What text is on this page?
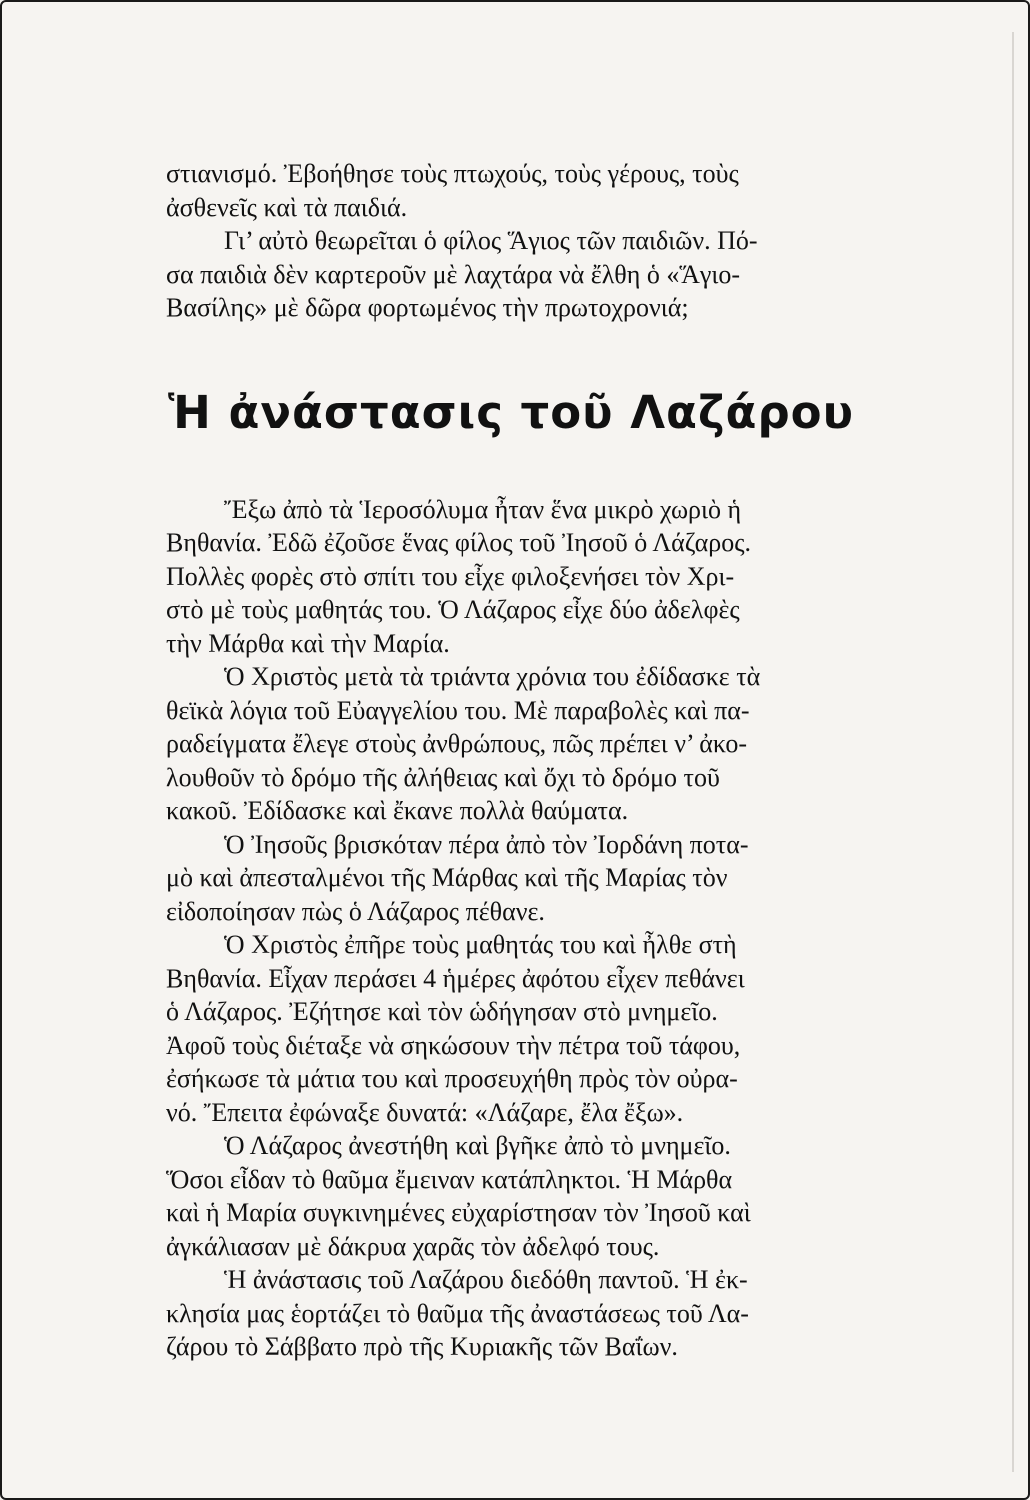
στιανισμό. Ἐβοήθησε τοὺς πτωχούς, τοὺς γέρους, τοὺς
ἀσθενεῖς καὶ τὰ παιδιά.

Γι’ αὐτὸ θεωρεῖται ὁ φίλος Ἅγιος τῶν παιδιῶν. Πό-
σα παιδιὰ δὲν καρτεροῦν μὲ λαχτάρα νὰ ἔλθη ὁ «Ἅγιο-
Βασίλης» μὲ δῶρα φορτωμένος τὴν πρωτοχρονιά;

Ἡ ἀνάστασις τοῦ Λαζάρου

Ἔξω ἀπὸ τὰ Ἱεροσόλυμα ἦταν ἕνα μικρὸ χωριὸ ἡ
Βηθανία. Ἐδῶ ἐζοῦσε ἕνας φίλος τοῦ Ἰησοῦ ὁ Λάζαρος.
Πολλὲς φορὲς στὸ σπίτι του εἶχε φιλοξενήσει τὸν Χρι-
στὸ μὲ τοὺς μαθητάς του. Ὁ Λάζαρος εἶχε δύο ἀδελφὲς
τὴν Μάρθα καὶ τὴν Μαρία.

Ὁ Χριστὸς μετὰ τὰ τριάντα χρόνια του ἐδίδασκε τὰ
θεϊκὰ λόγια τοῦ Εὐαγγελίου του. Μὲ παραβολὲς καὶ πα-
ραδείγματα ἔλεγε στοὺς ἀνθρώπους, πῶς πρέπει ν’ ἀκο-
λουθοῦν τὸ δρόμο τῆς ἀλήθειας καὶ ὄχι τὸ δρόμο τοῦ
κακοῦ. Ἐδίδασκε καὶ ἔκανε πολλὰ θαύματα.

Ὁ Ἰησοῦς βρισκόταν πέρα ἀπὸ τὸν Ἰορδάνη ποτα-
μὸ καὶ ἀπεσταλμένοι τῆς Μάρθας καὶ τῆς Μαρίας τὸν
εἰδοποίησαν πὼς ὁ Λάζαρος πέθανε.

Ὁ Χριστὸς ἐπῆρε τοὺς μαθητάς του καὶ ἦλθε στὴ
Βηθανία. Εἶχαν περάσει 4 ἡμέρες ἀφότου εἶχεν πεθάνει
ὁ Λάζαρος. Ἐζήτησε καὶ τὸν ὡδήγησαν στὸ μνημεῖο.
Ἀφοῦ τοὺς διέταξε νὰ σηκώσουν τὴν πέτρα τοῦ τάφου,
ἐσήκωσε τὰ μάτια του καὶ προσευχήθη πρὸς τὸν οὐρα-
νό. Ἔπειτα ἐφώναξε δυνατά: «Λάζαρε, ἔλα ἔξω».

Ὁ Λάζαρος ἀνεστήθη καὶ βγῆκε ἀπὸ τὸ μνημεῖο.
Ὅσοι εἶδαν τὸ θαῦμα ἔμειναν κατάπληκτοι. Ἡ Μάρθα
καὶ ἡ Μαρία συγκινημένες εὐχαρίστησαν τὸν Ἰησοῦ καὶ
ἀγκάλιασαν μὲ δάκρυα χαρᾶς τὸν ἀδελφό τους.

Ἡ ἀνάστασις τοῦ Λαζάρου διεδόθη παντοῦ. Ἡ ἐκ-
κλησία μας ἑορτάζει τὸ θαῦμα τῆς ἀναστάσεως τοῦ Λα-
ζάρου τὸ Σάββατο πρὸ τῆς Κυριακῆς τῶν Βαΐων.
